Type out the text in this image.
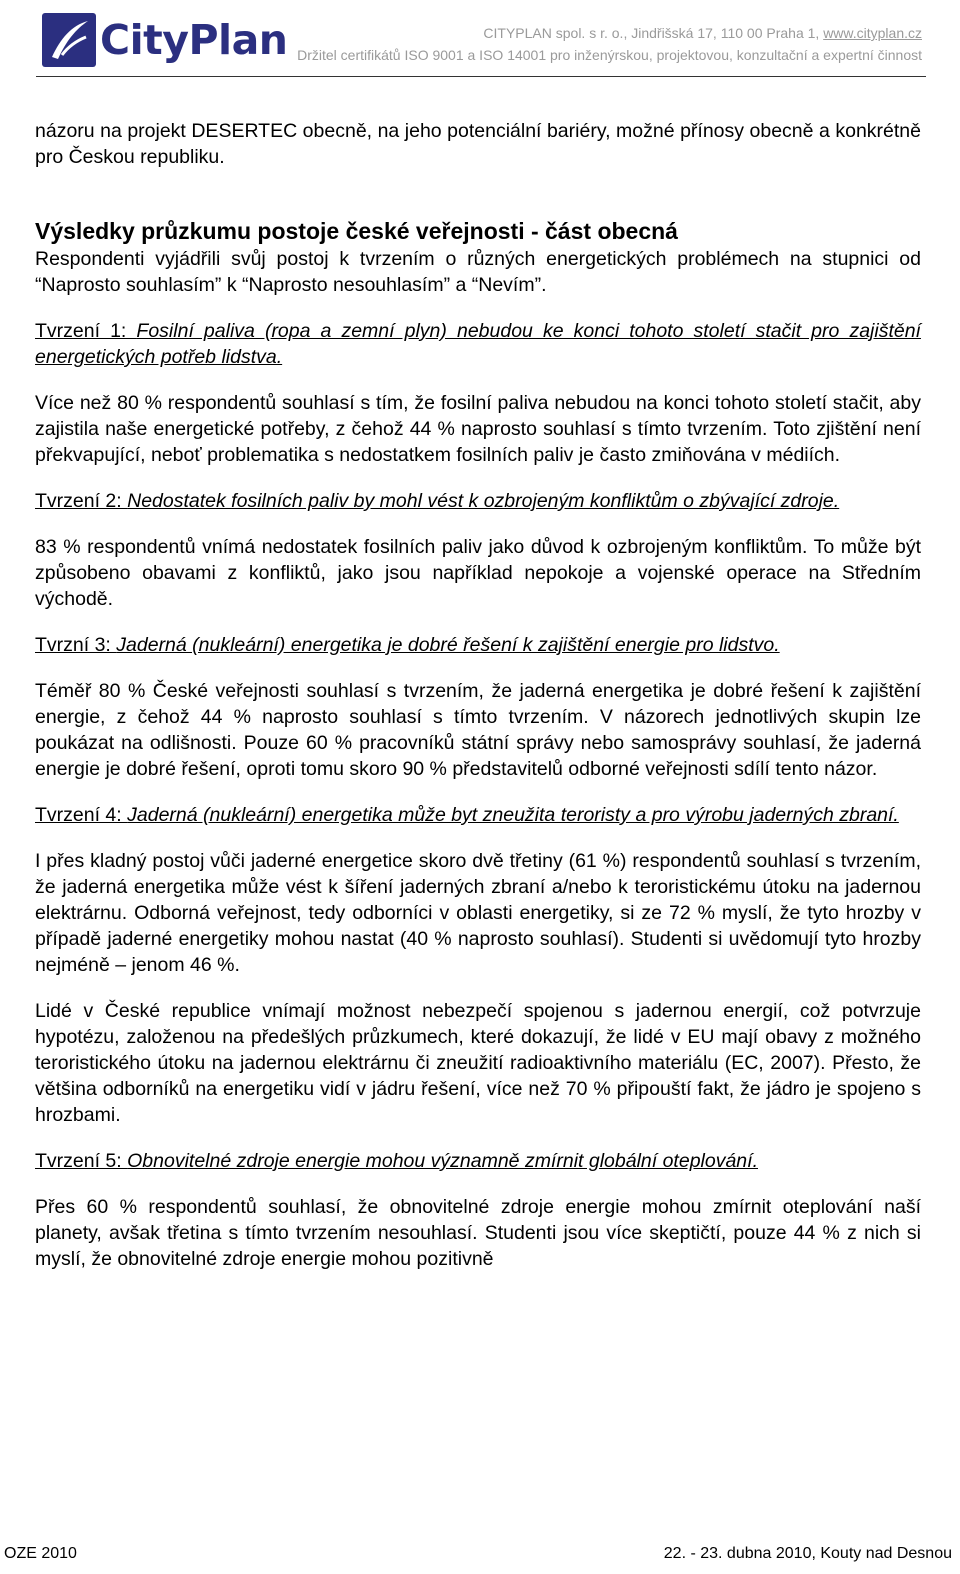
CityPlan	CITYPLAN spol. s r. o., Jindřišská 17, 110 00 Praha 1, www.cityplan.cz
Držitel certifikátů ISO 9001 a ISO 14001 pro inženýrskou, projektovou, konzultační a expertní činnost

názoru na projekt DESERTEC obecně, na jeho potenciální bariéry, možné přínosy obecně a konkrétně pro Českou republiku.

Výsledky průzkumu postoje české veřejnosti - část obecná

Respondenti vyjádřili svůj postoj k tvrzením o různých energetických problémech na stupnici od “Naprosto souhlasím” k “Naprosto nesouhlasím” a “Nevím”.

Tvrzení 1: Fosilní paliva (ropa a zemní plyn) nebudou ke konci tohoto století stačit pro zajištění energetických potřeb lidstva.

Více než 80 % respondentů souhlasí s tím, že fosilní paliva nebudou na konci tohoto století stačit, aby zajistila naše energetické potřeby, z čehož 44 % naprosto souhlasí s tímto tvrzením. Toto zjištění není překvapující, neboť problematika s nedostatkem fosilních paliv je často zmiňována v médiích.

Tvrzení 2: Nedostatek fosilních paliv by mohl vést k ozbrojeným konfliktům o zbývající zdroje.

83 % respondentů vnímá nedostatek fosilních paliv jako důvod k ozbrojeným konfliktům. To může být způsobeno obavami z konfliktů, jako jsou například nepokoje a vojenské operace na Středním východě.

Tvrzní 3: Jaderná (nukleární) energetika je dobré řešení k zajištění energie pro lidstvo.

Téměř 80 % České veřejnosti souhlasí s tvrzením, že jaderná energetika je dobré řešení k zajištění energie, z čehož 44 % naprosto souhlasí s tímto tvrzením. V názorech jednotlivých skupin lze poukázat na odlišnosti. Pouze 60 % pracovníků státní správy nebo samosprávy souhlasí, že jaderná energie je dobré řešení, oproti tomu skoro 90 % představitelů odborné veřejnosti sdílí tento názor.

Tvrzení 4: Jaderná (nukleární) energetika může byt zneužita teroristy a pro výrobu jaderných zbraní.

I přes kladný postoj vůči jaderné energetice skoro dvě třetiny (61 %) respondentů souhlasí s tvrzením, že jaderná energetika může vést k šíření jaderných zbraní a/nebo k teroristickému útoku na jadernou elektrárnu. Odborná veřejnost, tedy odborníci v oblasti energetiky, si ze 72 % myslí, že tyto hrozby v případě jaderné energetiky mohou nastat (40 % naprosto souhlasí). Studenti si uvědomují tyto hrozby nejméně – jenom 46 %.

Lidé v České republice vnímají možnost nebezpečí spojenou s jadernou energií, což potvrzuje hypotézu, založenou na předešlých průzkumech, které dokazují, že lidé v EU mají obavy z možného teroristického útoku na jadernou elektrárnu či zneužití radioaktivního materiálu (EC, 2007). Přesto, že většina odborníků na energetiku vidí v jádru řešení, více než 70 % připouští fakt, že jádro je spojeno s hrozbami.

Tvrzení 5: Obnovitelné zdroje energie mohou významně zmírnit globální oteplování.

Přes 60 % respondentů souhlasí, že obnovitelné zdroje energie mohou zmírnit oteplování naší planety, avšak třetina s tímto tvrzením nesouhlasí. Studenti jsou více skeptičtí, pouze 44 % z nich si myslí, že obnovitelné zdroje energie mohou pozitivně

OZE 2010	22. - 23. dubna 2010, Kouty nad Desnou
